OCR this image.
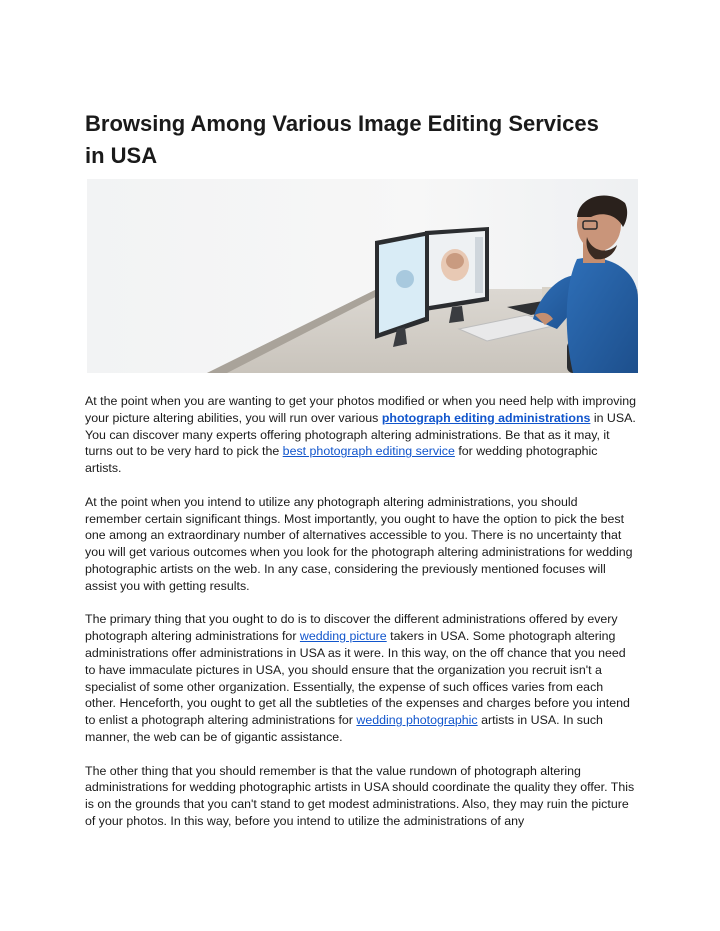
Browsing Among Various Image Editing Services in USA

At the point when you are wanting to get your photos modified or when you need help with improving your picture altering abilities, you will run over various photograph editing administrations in USA. You can discover many experts offering photograph altering administrations. Be that as it may, it turns out to be very hard to pick the best photograph editing service for wedding photographic artists.

At the point when you intend to utilize any photograph altering administrations, you should remember certain significant things. Most importantly, you ought to have the option to pick the best one among an extraordinary number of alternatives accessible to you. There is no uncertainty that you will get various outcomes when you look for the photograph altering administrations for wedding photographic artists on the web. In any case, considering the previously mentioned focuses will assist you with getting results.

The primary thing that you ought to do is to discover the different administrations offered by every photograph altering administrations for wedding picture takers in USA. Some photograph altering administrations offer administrations in USA as it were. In this way, on the off chance that you need to have immaculate pictures in USA, you should ensure that the organization you recruit isn't a specialist of some other organization. Essentially, the expense of such offices varies from each other. Henceforth, you ought to get all the subtleties of the expenses and charges before you intend to enlist a photograph altering administrations for wedding photographic artists in USA. In such manner, the web can be of gigantic assistance.

The other thing that you should remember is that the value rundown of photograph altering administrations for wedding photographic artists in USA should coordinate the quality they offer. This is on the grounds that you can't stand to get modest administrations. Also, they may ruin the picture of your photos. In this way, before you intend to utilize the administrations of any
